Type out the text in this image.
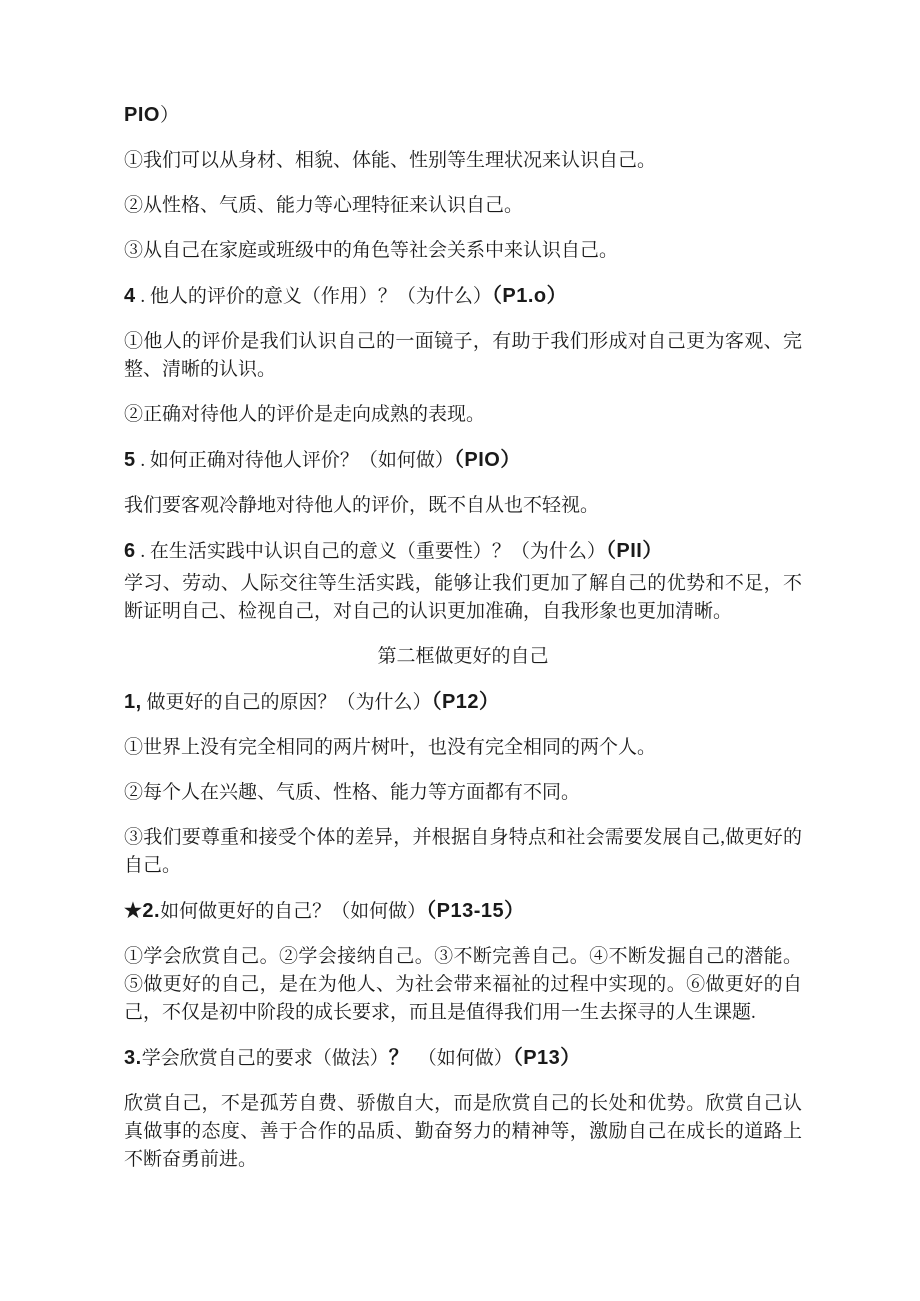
PIO）

①我们可以从身材、相貌、体能、性别等生理状况来认识自己。

②从性格、气质、能力等心理特征来认识自己。

③从自己在家庭或班级中的角色等社会关系中来认识自己。

4 . 他人的评价的意义（作用）？（为什么）（P1.o）

①他人的评价是我们认识自己的一面镜子，有助于我们形成对自己更为客观、完整、清晰的认识。

②正确对待他人的评价是走向成熟的表现。

5 . 如何正确对待他人评价？（如何做）（PIO）

我们要客观冷静地对待他人的评价，既不自从也不轻视。

6 . 在生活实践中认识自己的意义（重要性）？（为什么）（PII）

学习、劳动、人际交往等生活实践，能够让我们更加了解自己的优势和不足，不断证明自己、检视自己，对自己的认识更加准确，自我形象也更加清晰。

第二框做更好的自己

1, 做更好的自己的原因？（为什么）（P12）

①世界上没有完全相同的两片树叶，也没有完全相同的两个人。

②每个人在兴趣、气质、性格、能力等方面都有不同。

③我们要尊重和接受个体的差异，并根据自身特点和社会需要发展自己,做更好的自己。

★2.如何做更好的自己？（如何做）（P13-15）

①学会欣赏自己。②学会接纳自己。③不断完善自己。④不断发掘自己的潜能。⑤做更好的自己，是在为他人、为社会带来福祉的过程中实现的。⑥做更好的自己，不仅是初中阶段的成长要求，而且是值得我们用一生去探寻的人生课题.

3.学会欣赏自己的要求（做法）？ （如何做）（P13）

欣赏自己，不是孤芳自费、骄傲自大，而是欣赏自己的长处和优势。欣赏自己认真做事的态度、善于合作的品质、勤奋努力的精神等，激励自己在成长的道路上不断奋勇前进。
